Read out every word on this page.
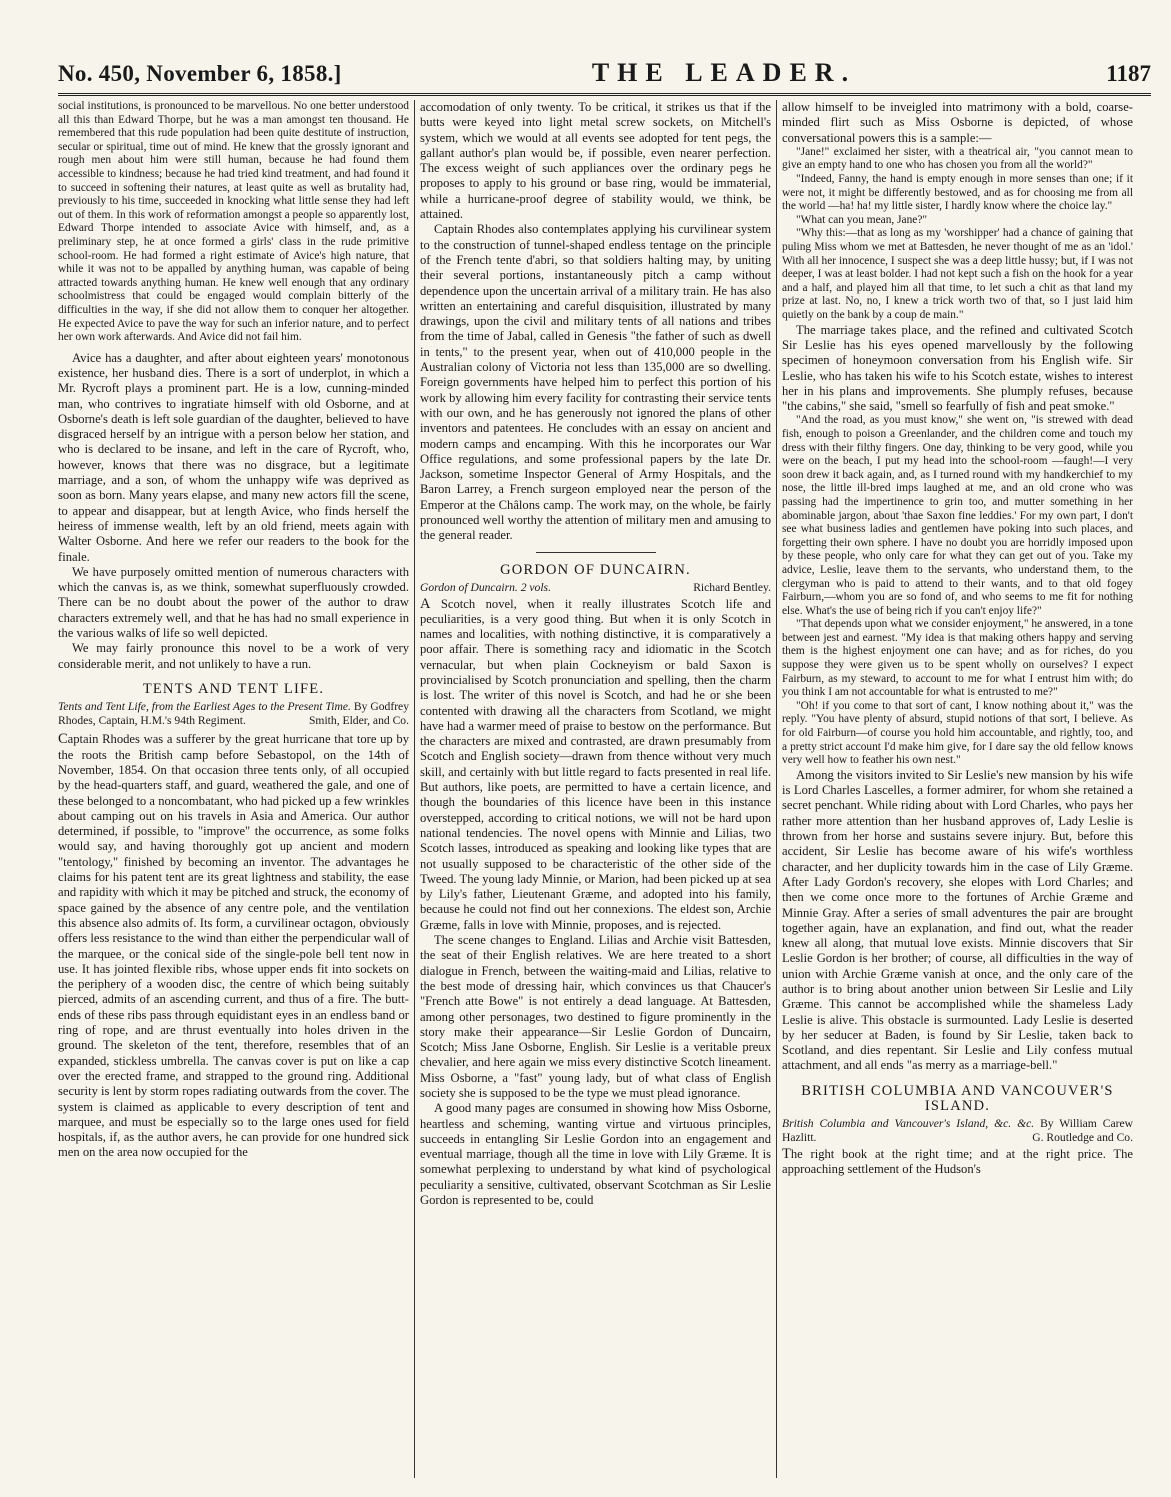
No. 450, November 6, 1858.]	THE LEADER.	1187

social institutions, is pronounced to be marvellous. No one better understood all this than Edward Thorpe, but he was a man amongst ten thousand. He remembered that this rude population had been quite destitute of instruction, secular or spiritual, time out of mind. He knew that the grossly ignorant and rough men about him were still human, because he had found them accessible to kindness; because he had tried kind treatment, and had found it to succeed in softening their natures, at least quite as well as brutality had, previously to his time, succeeded in knocking what little sense they had left out of them. In this work of reformation amongst a people so apparently lost, Edward Thorpe intended to associate Avice with himself, and, as a preliminary step, he at once formed a girls' class in the rude primitive school-room. He had formed a right estimate of Avice's high nature, that while it was not to be appalled by anything human, was capable of being attracted towards anything human. He knew well enough that any ordinary schoolmistress that could be engaged would complain bitterly of the difficulties in the way, if she did not allow them to conquer her altogether. He expected Avice to pave the way for such an inferior nature, and to perfect her own work afterwards. And Avice did not fail him.

Avice has a daughter, and after about eighteen years' monotonous existence, her husband dies. There is a sort of underplot, in which a Mr. Rycroft plays a prominent part. He is a low, cunning-minded man, who contrives to ingratiate himself with old Osborne, and at Osborne's death is left sole guardian of the daughter, believed to have disgraced herself by an intrigue with a person below her station, and who is declared to be insane, and left in the care of Rycroft, who, however, knows that there was no disgrace, but a legitimate marriage, and a son, of whom the unhappy wife was deprived as soon as born. Many years elapse, and many new actors fill the scene, to appear and disappear, but at length Avice, who finds herself the heiress of immense wealth, left by an old friend, meets again with Walter Osborne. And here we refer our readers to the book for the finale.

We have purposely omitted mention of numerous characters with which the canvas is, as we think, somewhat superfluously crowded. There can be no doubt about the power of the author to draw characters extremely well, and that he has had no small experience in the various walks of life so well depicted.

We may fairly pronounce this novel to be a work of very considerable merit, and not unlikely to have a run.

TENTS AND TENT LIFE.

Tents and Tent Life, from the Earliest Ages to the Present Time. By Godfrey Rhodes, Captain, H.M.'s 94th Regiment.	Smith, Elder, and Co.

Captain Rhodes was a sufferer by the great hurricane that tore up by the roots the British camp before Sebastopol, on the 14th of November, 1854. On that occasion three tents only, of all occupied by the head-quarters staff, and guard, weathered the gale, and one of these belonged to a noncombatant, who had picked up a few wrinkles about camping out on his travels in Asia and America. Our author determined, if possible, to "improve" the occurrence, as some folks would say, and having thoroughly got up ancient and modern "tentology," finished by becoming an inventor. The advantages he claims for his patent tent are its great lightness and stability, the ease and rapidity with which it may be pitched and struck, the economy of space gained by the absence of any centre pole, and the ventilation this absence also admits of. Its form, a curvilinear octagon, obviously offers less resistance to the wind than either the perpendicular wall of the marquee, or the conical side of the single-pole bell tent now in use. It has jointed flexible ribs, whose upper ends fit into sockets on the periphery of a wooden disc, the centre of which being suitably pierced, admits of an ascending current, and thus of a fire. The butt-ends of these ribs pass through equidistant eyes in an endless band or ring of rope, and are thrust eventually into holes driven in the ground. The skeleton of the tent, therefore, resembles that of an expanded, stickless umbrella. The canvas cover is put on like a cap over the erected frame, and strapped to the ground ring. Additional security is lent by storm ropes radiating outwards from the cover. The system is claimed as applicable to every description of tent and marquee, and must be especially so to the large ones used for field hospitals, if, as the author avers, he can provide for one hundred sick men on the area now occupied for the

accomodation of only twenty. To be critical, it strikes us that if the butts were keyed into light metal screw sockets, on Mitchell's system, which we would at all events see adopted for tent pegs, the gallant author's plan would be, if possible, even nearer perfection. The excess weight of such appliances over the ordinary pegs he proposes to apply to his ground or base ring, would be immaterial, while a hurricane-proof degree of stability would, we think, be attained.

Captain Rhodes also contemplates applying his curvilinear system to the construction of tunnel-shaped endless tentage on the principle of the French tente d'abri, so that soldiers halting may, by uniting their several portions, instantaneously pitch a camp without dependence upon the uncertain arrival of a military train. He has also written an entertaining and careful disquisition, illustrated by many drawings, upon the civil and military tents of all nations and tribes from the time of Jabal, called in Genesis "the father of such as dwell in tents," to the present year, when out of 410,000 people in the Australian colony of Victoria not less than 135,000 are so dwelling. Foreign governments have helped him to perfect this portion of his work by allowing him every facility for contrasting their service tents with our own, and he has generously not ignored the plans of other inventors and patentees. He concludes with an essay on ancient and modern camps and encamping. With this he incorporates our War Office regulations, and some professional papers by the late Dr. Jackson, sometime Inspector General of Army Hospitals, and the Baron Larrey, a French surgeon employed near the person of the Emperor at the Châlons camp. The work may, on the whole, be fairly pronounced well worthy the attention of military men and amusing to the general reader.

GORDON OF DUNCAIRN.

Gordon of Duncairn. 2 vols.	Richard Bentley.

A Scotch novel, when it really illustrates Scotch life and peculiarities, is a very good thing. But when it is only Scotch in names and localities, with nothing distinctive, it is comparatively a poor affair. There is something racy and idiomatic in the Scotch vernacular, but when plain Cockneyism or bald Saxon is provincialised by Scotch pronunciation and spelling, then the charm is lost. The writer of this novel is Scotch, and had he or she been contented with drawing all the characters from Scotland, we might have had a warmer meed of praise to bestow on the performance. But the characters are mixed and contrasted, are drawn presumably from Scotch and English society—drawn from thence without very much skill, and certainly with but little regard to facts presented in real life. But authors, like poets, are permitted to have a certain licence, and though the boundaries of this licence have been in this instance overstepped, according to critical notions, we will not be hard upon national tendencies. The novel opens with Minnie and Lilias, two Scotch lasses, introduced as speaking and looking like types that are not usually supposed to be characteristic of the other side of the Tweed. The young lady Minnie, or Marion, had been picked up at sea by Lily's father, Lieutenant Græme, and adopted into his family, because he could not find out her connexions. The eldest son, Archie Græme, falls in love with Minnie, proposes, and is rejected.

The scene changes to England. Lilias and Archie visit Battesden, the seat of their English relatives. We are here treated to a short dialogue in French, between the waiting-maid and Lilias, relative to the best mode of dressing hair, which convinces us that Chaucer's "French atte Bowe" is not entirely a dead language. At Battesden, among other personages, two destined to figure prominently in the story make their appearance—Sir Leslie Gordon of Duncairn, Scotch; Miss Jane Osborne, English. Sir Leslie is a veritable preux chevalier, and here again we miss every distinctive Scotch lineament. Miss Osborne, a "fast" young lady, but of what class of English society she is supposed to be the type we must plead ignorance.

A good many pages are consumed in showing how Miss Osborne, heartless and scheming, wanting virtue and virtuous principles, succeeds in entangling Sir Leslie Gordon into an engagement and eventual marriage, though all the time in love with Lily Græme. It is somewhat perplexing to understand by what kind of psychological peculiarity a sensitive, cultivated, observant Scotchman as Sir Leslie Gordon is represented to be, could

allow himself to be inveigled into matrimony with a bold, coarse-minded flirt such as Miss Osborne is depicted, of whose conversational powers this is a sample:—

"Jane!" exclaimed her sister, with a theatrical air, "you cannot mean to give an empty hand to one who has chosen you from all the world?"

"Indeed, Fanny, the hand is empty enough in more senses than one; if it were not, it might be differently bestowed, and as for choosing me from all the world —ha! ha! my little sister, I hardly know where the choice lay."

"What can you mean, Jane?"

"Why this:—that as long as my 'worshipper' had a chance of gaining that puling Miss whom we met at Battesden, he never thought of me as an 'idol.' With all her innocence, I suspect she was a deep little hussy; but, if I was not deeper, I was at least bolder. I had not kept such a fish on the hook for a year and a half, and played him all that time, to let such a chit as that land my prize at last. No, no, I knew a trick worth two of that, so I just laid him quietly on the bank by a coup de main."

The marriage takes place, and the refined and cultivated Scotch Sir Leslie has his eyes opened marvellously by the following specimen of honeymoon conversation from his English wife. Sir Leslie, who has taken his wife to his Scotch estate, wishes to interest her in his plans and improvements. She plumply refuses, because "the cabins," she said, "smell so fearfully of fish and peat smoke."

"And the road, as you must know," she went on, "is strewed with dead fish, enough to poison a Greenlander, and the children come and touch my dress with their filthy fingers. One day, thinking to be very good, while you were on the beach, I put my head into the school-room —faugh!—I very soon drew it back again, and, as I turned round with my handkerchief to my nose, the little ill-bred imps laughed at me, and an old crone who was passing had the impertinence to grin too, and mutter something in her abominable jargon, about 'thae Saxon fine leddies.' For my own part, I don't see what business ladies and gentlemen have poking into such places, and forgetting their own sphere. I have no doubt you are horridly imposed upon by these people, who only care for what they can get out of you. Take my advice, Leslie, leave them to the servants, who understand them, to the clergyman who is paid to attend to their wants, and to that old fogey Fairburn,—whom you are so fond of, and who seems to me fit for nothing else. What's the use of being rich if you can't enjoy life?"

"That depends upon what we consider enjoyment," he answered, in a tone between jest and earnest. "My idea is that making others happy and serving them is the highest enjoyment one can have; and as for riches, do you suppose they were given us to be spent wholly on ourselves? I expect Fairburn, as my steward, to account to me for what I entrust him with; do you think I am not accountable for what is entrusted to me?"

"Oh! if you come to that sort of cant, I know nothing about it," was the reply. "You have plenty of absurd, stupid notions of that sort, I believe. As for old Fairburn—of course you hold him accountable, and rightly, too, and a pretty strict account I'd make him give, for I dare say the old fellow knows very well how to feather his own nest."

Among the visitors invited to Sir Leslie's new mansion by his wife is Lord Charles Lascelles, a former admirer, for whom she retained a secret penchant. While riding about with Lord Charles, who pays her rather more attention than her husband approves of, Lady Leslie is thrown from her horse and sustains severe injury. But, before this accident, Sir Leslie has become aware of his wife's worthless character, and her duplicity towards him in the case of Lily Græme. After Lady Gordon's recovery, she elopes with Lord Charles; and then we come once more to the fortunes of Archie Græme and Minnie Gray. After a series of small adventures the pair are brought together again, have an explanation, and find out, what the reader knew all along, that mutual love exists. Minnie discovers that Sir Leslie Gordon is her brother; of course, all difficulties in the way of union with Archie Græme vanish at once, and the only care of the author is to bring about another union between Sir Leslie and Lily Græme. This cannot be accomplished while the shameless Lady Leslie is alive. This obstacle is surmounted. Lady Leslie is deserted by her seducer at Baden, is found by Sir Leslie, taken back to Scotland, and dies repentant. Sir Leslie and Lily confess mutual attachment, and all ends "as merry as a marriage-bell."

BRITISH COLUMBIA AND VANCOUVER'S ISLAND.

British Columbia and Vancouver's Island, &c. &c. By William Carew Hazlitt.	G. Routledge and Co.

The right book at the right time; and at the right price. The approaching settlement of the Hudson's
